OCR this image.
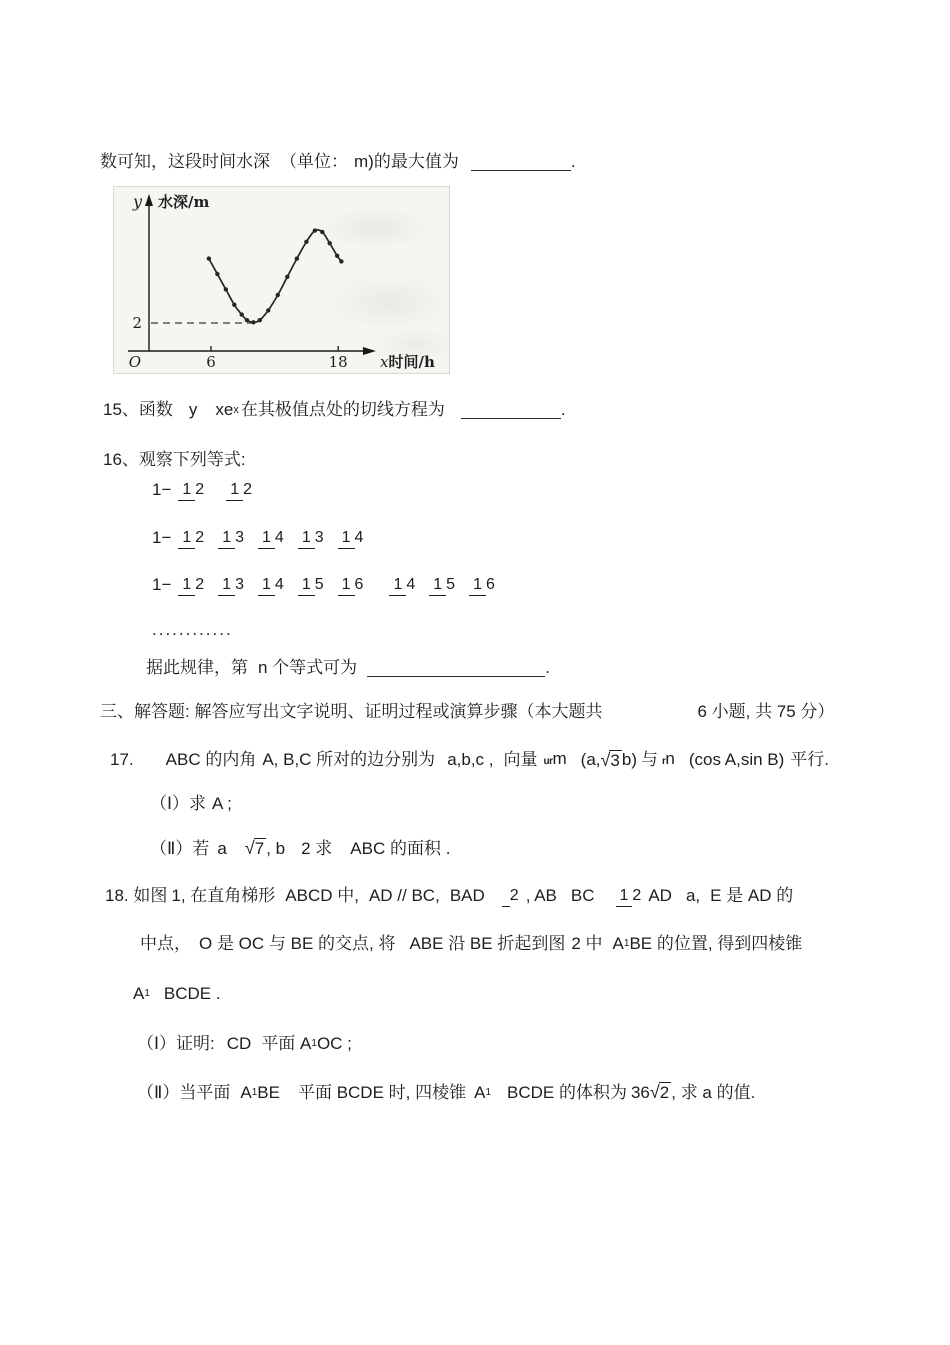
数可知，这段时间水深 （单位： m)的最大值为	.
y 水深/m
x时间/h
O	6	18
2
15、函数 y xe x 在其极值点处的切线方程为	.
16、观察下列等式:
1− 1 2 1 2
1− 1 2 1 3 1 4 1 3 1 4
1− 1 2 1 3 1 4 1 5 1 6 1 4 1 5 1 6
............
据此规律，第 n 个等式可为	.
三、解答题: 解答应写出文字说明、证明过程或演算步骤（本大题共	6 小题, 共 75 分）
17. ABC 的内角 A, B,C 所对的边分别为 a,b,c , 向量 urm (a, √3 b) 与 rn (cos A,sin B) 平行.
（Ⅰ）求 A ;
（Ⅱ）若 a √7 , b 2 求 ABC 的面积 .
18. 如图 1, 在直角梯形 ABCD 中, AD // BC, BAD	2 , AB BC 1 2 AD a, E 是 AD 的
中点， O 是 OC 与 BE 的交点, 将 ABE 沿 BE 折起到图 2 中 A 1 BE 的位置, 得到四棱锥
A 1 BCDE .
（Ⅰ）证明: CD 平面 A 1 OC ;
（Ⅱ）当平面 A 1 BE 平面 BCDE 时, 四棱锥 A 1 BCDE 的体积为 36 √2 , 求 a 的值.
